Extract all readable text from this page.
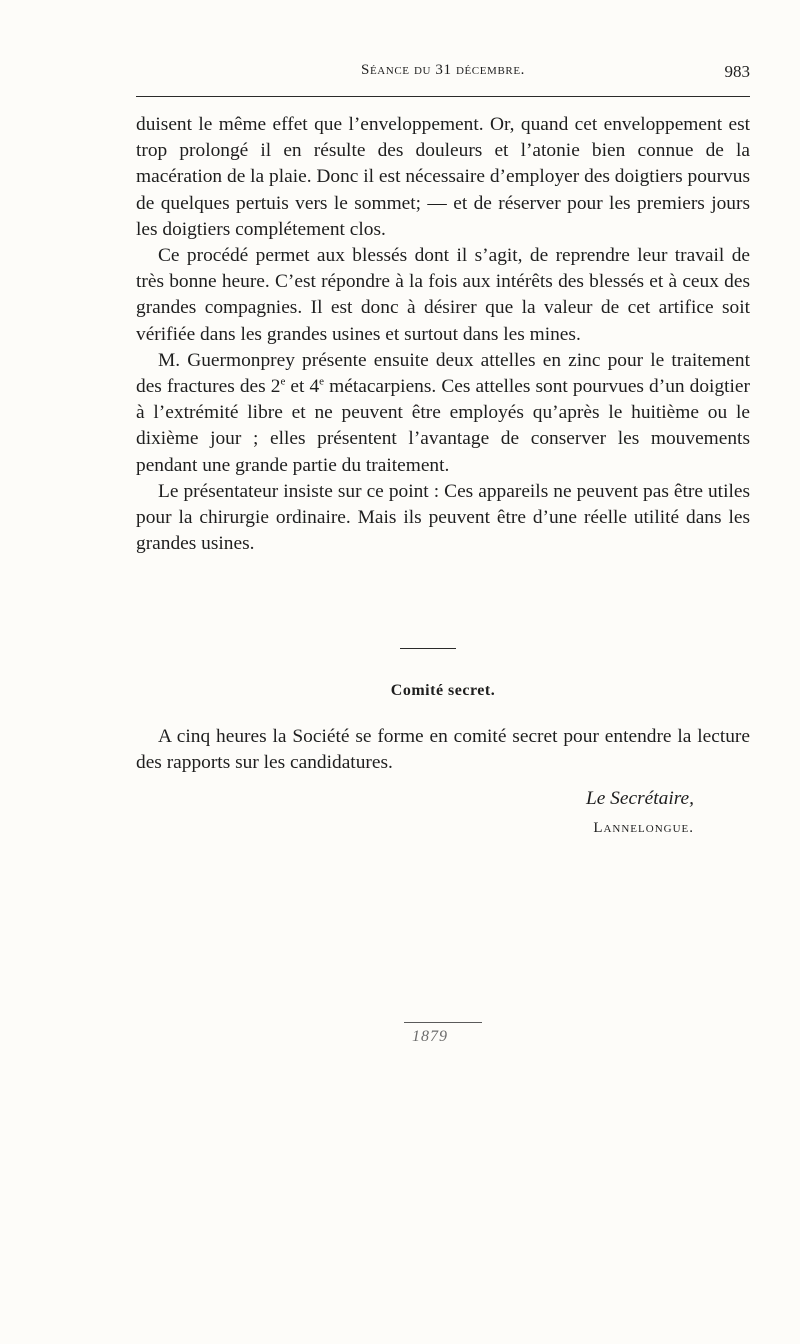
Séance du 31 décembre.	983

duisent le même effet que l’enveloppement. Or, quand cet enveloppement est trop prolongé il en résulte des douleurs et l’atonie bien connue de la macération de la plaie. Donc il est nécessaire d’employer des doigtiers pourvus de quelques pertuis vers le sommet; — et de réserver pour les premiers jours les doigtiers complétement clos.

Ce procédé permet aux blessés dont il s’agit, de reprendre leur travail de très bonne heure. C’est répondre à la fois aux intérêts des blessés et à ceux des grandes compagnies. Il est donc à désirer que la valeur de cet artifice soit vérifiée dans les grandes usines et surtout dans les mines.

M. Guermonprey présente ensuite deux attelles en zinc pour le traitement des fractures des 2e et 4e métacarpiens. Ces attelles sont pourvues d’un doigtier à l’extrémité libre et ne peuvent être employés qu’après le huitième ou le dixième jour ; elles présentent l’avantage de conserver les mouvements pendant une grande partie du traitement.

Le présentateur insiste sur ce point : Ces appareils ne peuvent pas être utiles pour la chirurgie ordinaire. Mais ils peuvent être d’une réelle utilité dans les grandes usines.

Comité secret.

A cinq heures la Société se forme en comité secret pour entendre la lecture des rapports sur les candidatures.

Le Secrétaire,
Lannelongue.
1879
